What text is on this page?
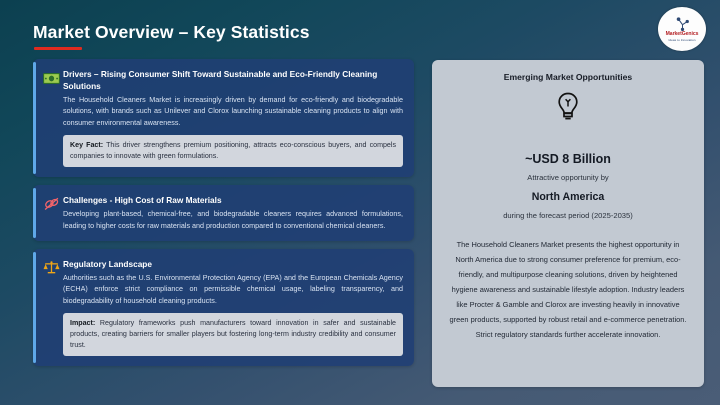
Market Overview – Key Statistics	MarketGenics
Ideas to Innovation
Drivers – Rising Consumer Shift Toward Sustainable and Eco-Friendly Cleaning Solutions
The Household Cleaners Market is increasingly driven by demand for eco-friendly and biodegradable solutions, with brands such as Unilever and Clorox launching sustainable cleaning products to align with consumer environmental awareness.
Key Fact: This driver strengthens premium positioning, attracts eco-conscious buyers, and compels companies to innovate with green formulations.
Challenges - High Cost of Raw Materials
Developing plant-based, chemical-free, and biodegradable cleaners requires advanced formulations, leading to higher costs for raw materials and production compared to conventional chemical cleaners.
Regulatory Landscape
Authorities such as the U.S. Environmental Protection Agency (EPA) and the European Chemicals Agency (ECHA) enforce strict compliance on permissible chemical usage, labeling transparency, and biodegradability of household cleaning products.
Impact: Regulatory frameworks push manufacturers toward innovation in safer and sustainable products, creating barriers for smaller players but fostering long-term industry credibility and consumer trust.
Emerging Market Opportunities
~USD 8 Billion
Attractive opportunity by
North America
during the forecast period (2025-2035)
The Household Cleaners Market presents the highest opportunity in North America due to strong consumer preference for premium, eco-friendly, and multipurpose cleaning solutions, driven by heightened hygiene awareness and sustainable lifestyle adoption. Industry leaders like Procter & Gamble and Clorox are investing heavily in innovative green products, supported by robust retail and e-commerce penetration. Strict regulatory standards further accelerate innovation.
